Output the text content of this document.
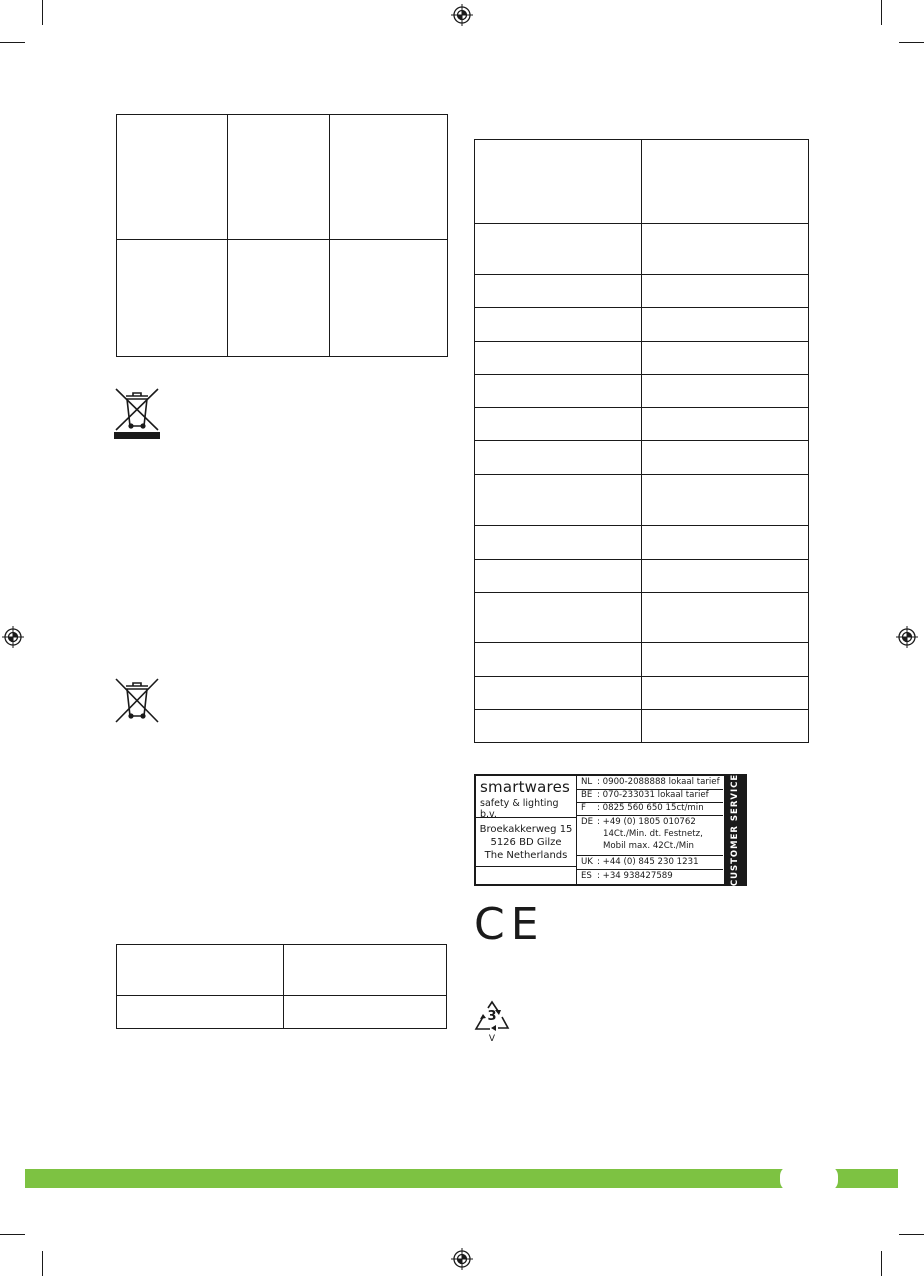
smartwares
safety & lighting b.v.
Broekakkerweg 15
5126 BD Gilze
The Netherlands
NL : 0900-2088888 lokaal tarief
BE : 070-233031 lokaal tarief
F : 0825 560 650 15ct/min
DE : +49 (0) 1805 010762
14Ct./Min. dt. Festnetz,
Mobil max. 42Ct./Min
UK : +44 (0) 845 230 1231
ES : +34 938427589	CUSTOMER SERVICE
CE
3
V
